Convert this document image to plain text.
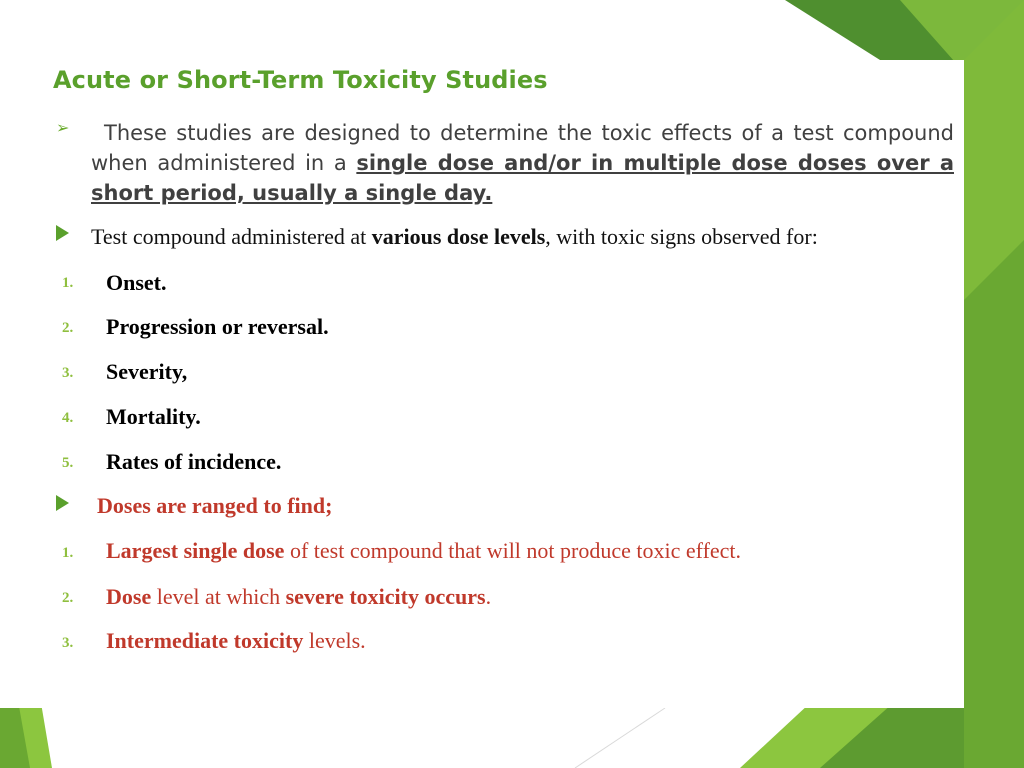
Acute or Short-Term Toxicity Studies
➢	These studies are designed to determine the toxic effects of a test compound when administered in a single dose and/or in multiple dose doses over a short period, usually a single day.
Test compound administered at various dose levels, with toxic signs observed for:
1. Onset.
2. Progression or reversal.
3. Severity,
4. Mortality.
5. Rates of incidence.
Doses are ranged to find;
1. Largest single dose of test compound that will not produce toxic effect.
2. Dose level at which severe toxicity occurs.
3. Intermediate toxicity levels.
